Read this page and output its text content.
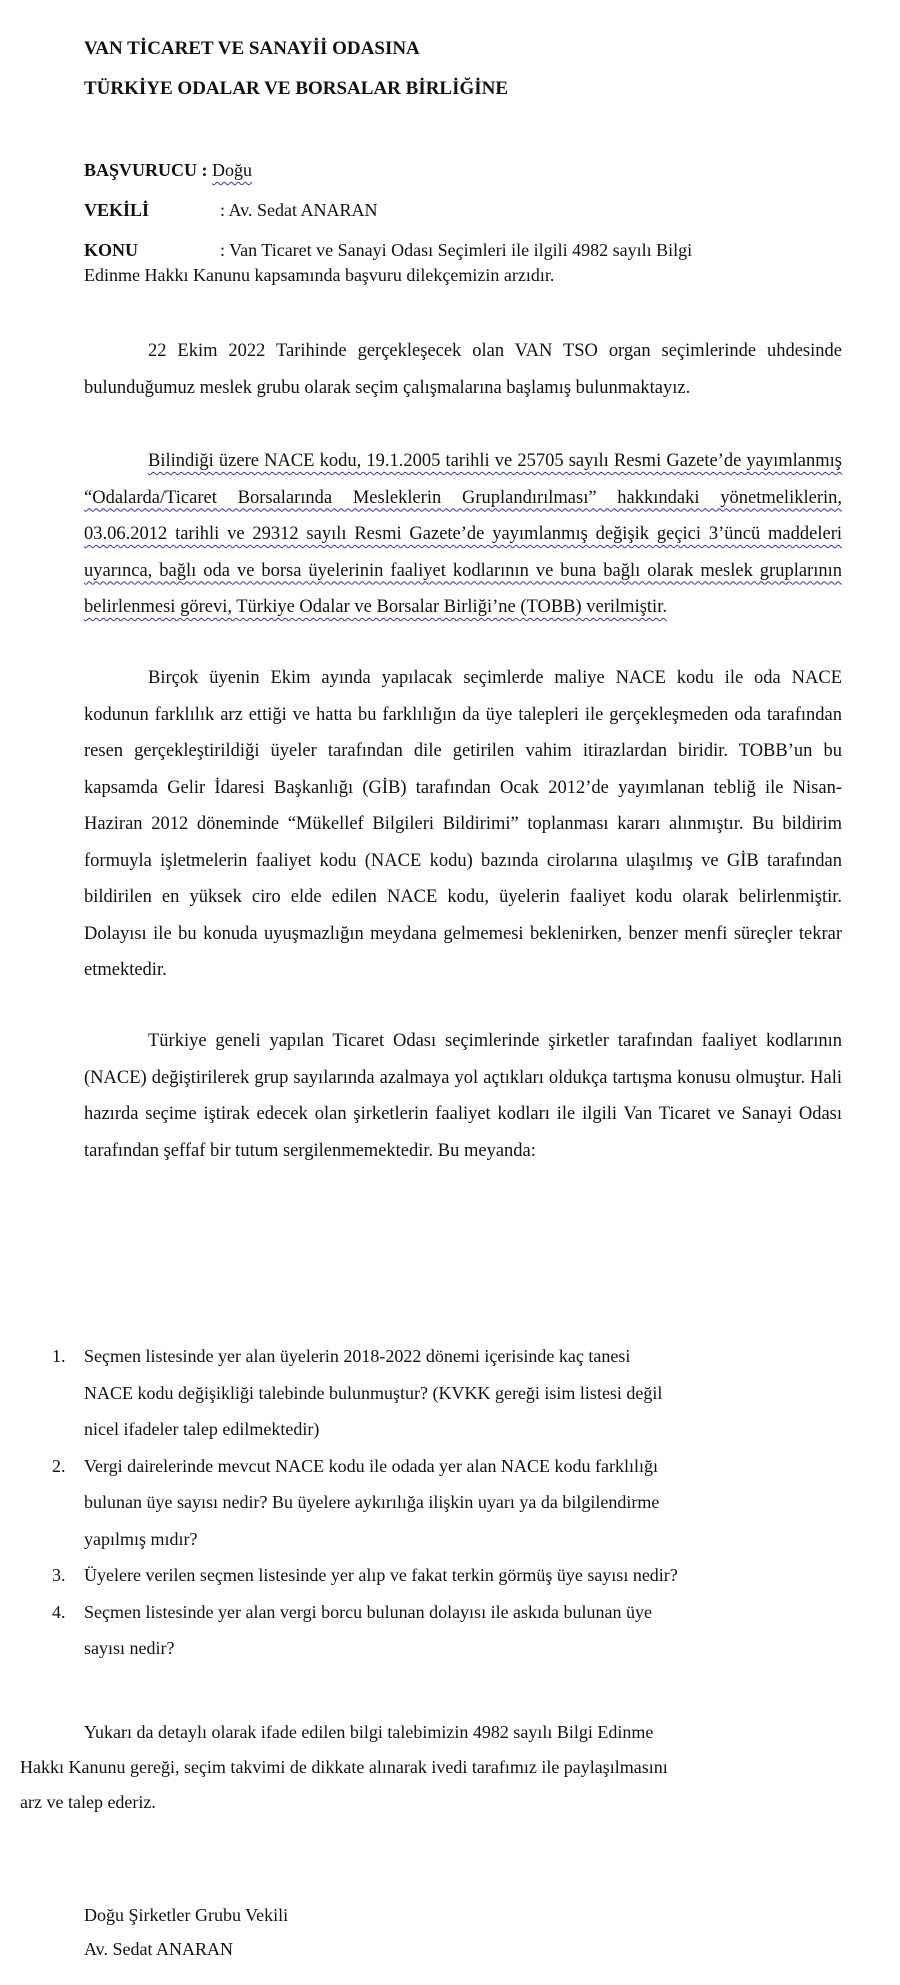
VAN TİCARET VE SANAYİİ ODASINA
TÜRKİYE ODALAR VE BORSALAR BİRLİĞİNE
BAŞVURUCU : Doğu
VEKİLİ	: Av. Sedat ANARAN
KONU	: Van Ticaret ve Sanayi Odası Seçimleri ile ilgili 4982 sayılı Bilgi
Edinme Hakkı Kanunu kapsamında başvuru dilekçemizin arzıdır.
22 Ekim 2022 Tarihinde gerçekleşecek olan VAN TSO organ seçimlerinde uhdesinde bulunduğumuz meslek grubu olarak seçim çalışmalarına başlamış bulunmaktayız.
Bilindiği üzere NACE kodu, 19.1.2005 tarihli ve 25705 sayılı Resmi Gazete’de yayımlanmış “Odalarda/Ticaret Borsalarında Mesleklerin Gruplandırılması” hakkındaki yönetmeliklerin, 03.06.2012 tarihli ve 29312 sayılı Resmi Gazete’de yayımlanmış değişik geçici 3’üncü maddeleri uyarınca, bağlı oda ve borsa üyelerinin faaliyet kodlarının ve buna bağlı olarak meslek gruplarının belirlenmesi görevi, Türkiye Odalar ve Borsalar Birliği’ne (TOBB) verilmiştir.
Birçok üyenin Ekim ayında yapılacak seçimlerde maliye NACE kodu ile oda NACE kodunun farklılık arz ettiği ve hatta bu farklılığın da üye talepleri ile gerçekleşmeden oda tarafından resen gerçekleştirildiği üyeler tarafından dile getirilen vahim itirazlardan biridir. TOBB’un bu kapsamda Gelir İdaresi Başkanlığı (GİB) tarafından Ocak 2012’de yayımlanan tebliğ ile Nisan-Haziran 2012 döneminde “Mükellef Bilgileri Bildirimi” toplanması kararı alınmıştır. Bu bildirim formuyla işletmelerin faaliyet kodu (NACE kodu) bazında cirolarına ulaşılmış ve GİB tarafından bildirilen en yüksek ciro elde edilen NACE kodu, üyelerin faaliyet kodu olarak belirlenmiştir. Dolayısı ile bu konuda uyuşmazlığın meydana gelmemesi beklenirken, benzer menfi süreçler tekrar etmektedir.
Türkiye geneli yapılan Ticaret Odası seçimlerinde şirketler tarafından faaliyet kodlarının (NACE) değiştirilerek grup sayılarında azalmaya yol açtıkları oldukça tartışma konusu olmuştur. Hali hazırda seçime iştirak edecek olan şirketlerin faaliyet kodları ile ilgili Van Ticaret ve Sanayi Odası tarafından şeffaf bir tutum sergilenmemektedir. Bu meyanda:
1. Seçmen listesinde yer alan üyelerin 2018-2022 dönemi içerisinde kaç tanesi
NACE kodu değişikliği talebinde bulunmuştur? (KVKK gereği isim listesi değil
nicel ifadeler talep edilmektedir)
2. Vergi dairelerinde mevcut NACE kodu ile odada yer alan NACE kodu farklılığı
bulunan üye sayısı nedir? Bu üyelere aykırılığa ilişkin uyarı ya da bilgilendirme
yapılmış mıdır?
3. Üyelere verilen seçmen listesinde yer alıp ve fakat terkin görmüş üye sayısı nedir?
4. Seçmen listesinde yer alan vergi borcu bulunan dolayısı ile askıda bulunan üye
sayısı nedir?
Yukarı da detaylı olarak ifade edilen bilgi talebimizin 4982 sayılı Bilgi Edinme
Hakkı Kanunu gereği, seçim takvimi de dikkate alınarak ivedi tarafımız ile paylaşılmasını
arz ve talep ederiz.
Doğu Şirketler Grubu Vekili
Av. Sedat ANARAN
